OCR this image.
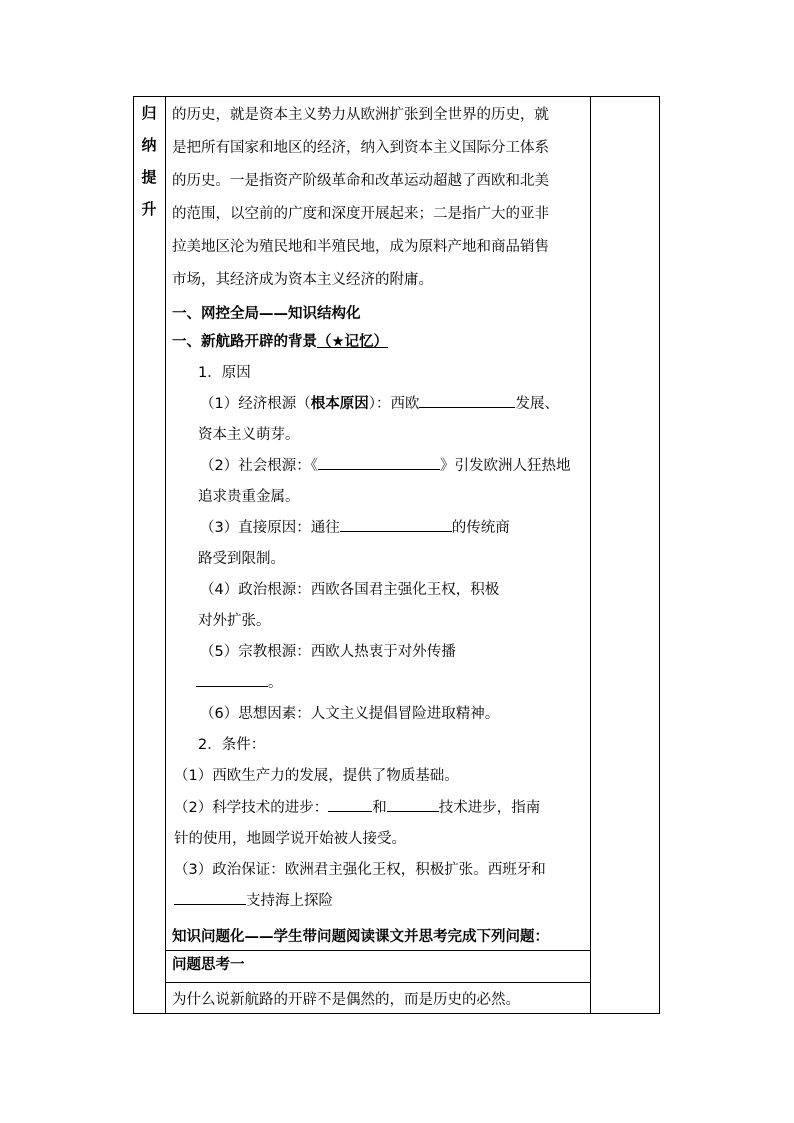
归
纳
提
升
的历史，就是资本主义势力从欧洲扩张到全世界的历史，就
是把所有国家和地区的经济，纳入到资本主义国际分工体系
的历史。一是指资产阶级革命和改革运动超越了西欧和北美
的范围，以空前的广度和深度开展起来；二是指广大的亚非
拉美地区沦为殖民地和半殖民地，成为原料产地和商品销售
市场，其经济成为资本主义经济的附庸。
一、网控全局——知识结构化
一、新航路开辟的背景（★记忆）
1．原因
（1）经济根源（根本原因）：西欧	发展、
资本主义萌芽。
（2）社会根源：《	》引发欧洲人狂热地
追求贵重金属。
（3）直接原因：通往	的传统商
路受到限制。
（4）政治根源：西欧各国君主强化王权，积极
对外扩张。
（5）宗教根源：西欧人热衷于对外传播
。
（6）思想因素：人文主义提倡冒险进取精神。
2．条件：
（1）西欧生产力的发展，提供了物质基础。
（2）科学技术的进步：	和	技术进步，指南
针的使用，地圆学说开始被人接受。
（3）政治保证：欧洲君主强化王权，积极扩张。西班牙和
支持海上探险
知识问题化——学生带问题阅读课文并思考完成下列问题：
问题思考一
为什么说新航路的开辟不是偶然的，而是历史的必然。
